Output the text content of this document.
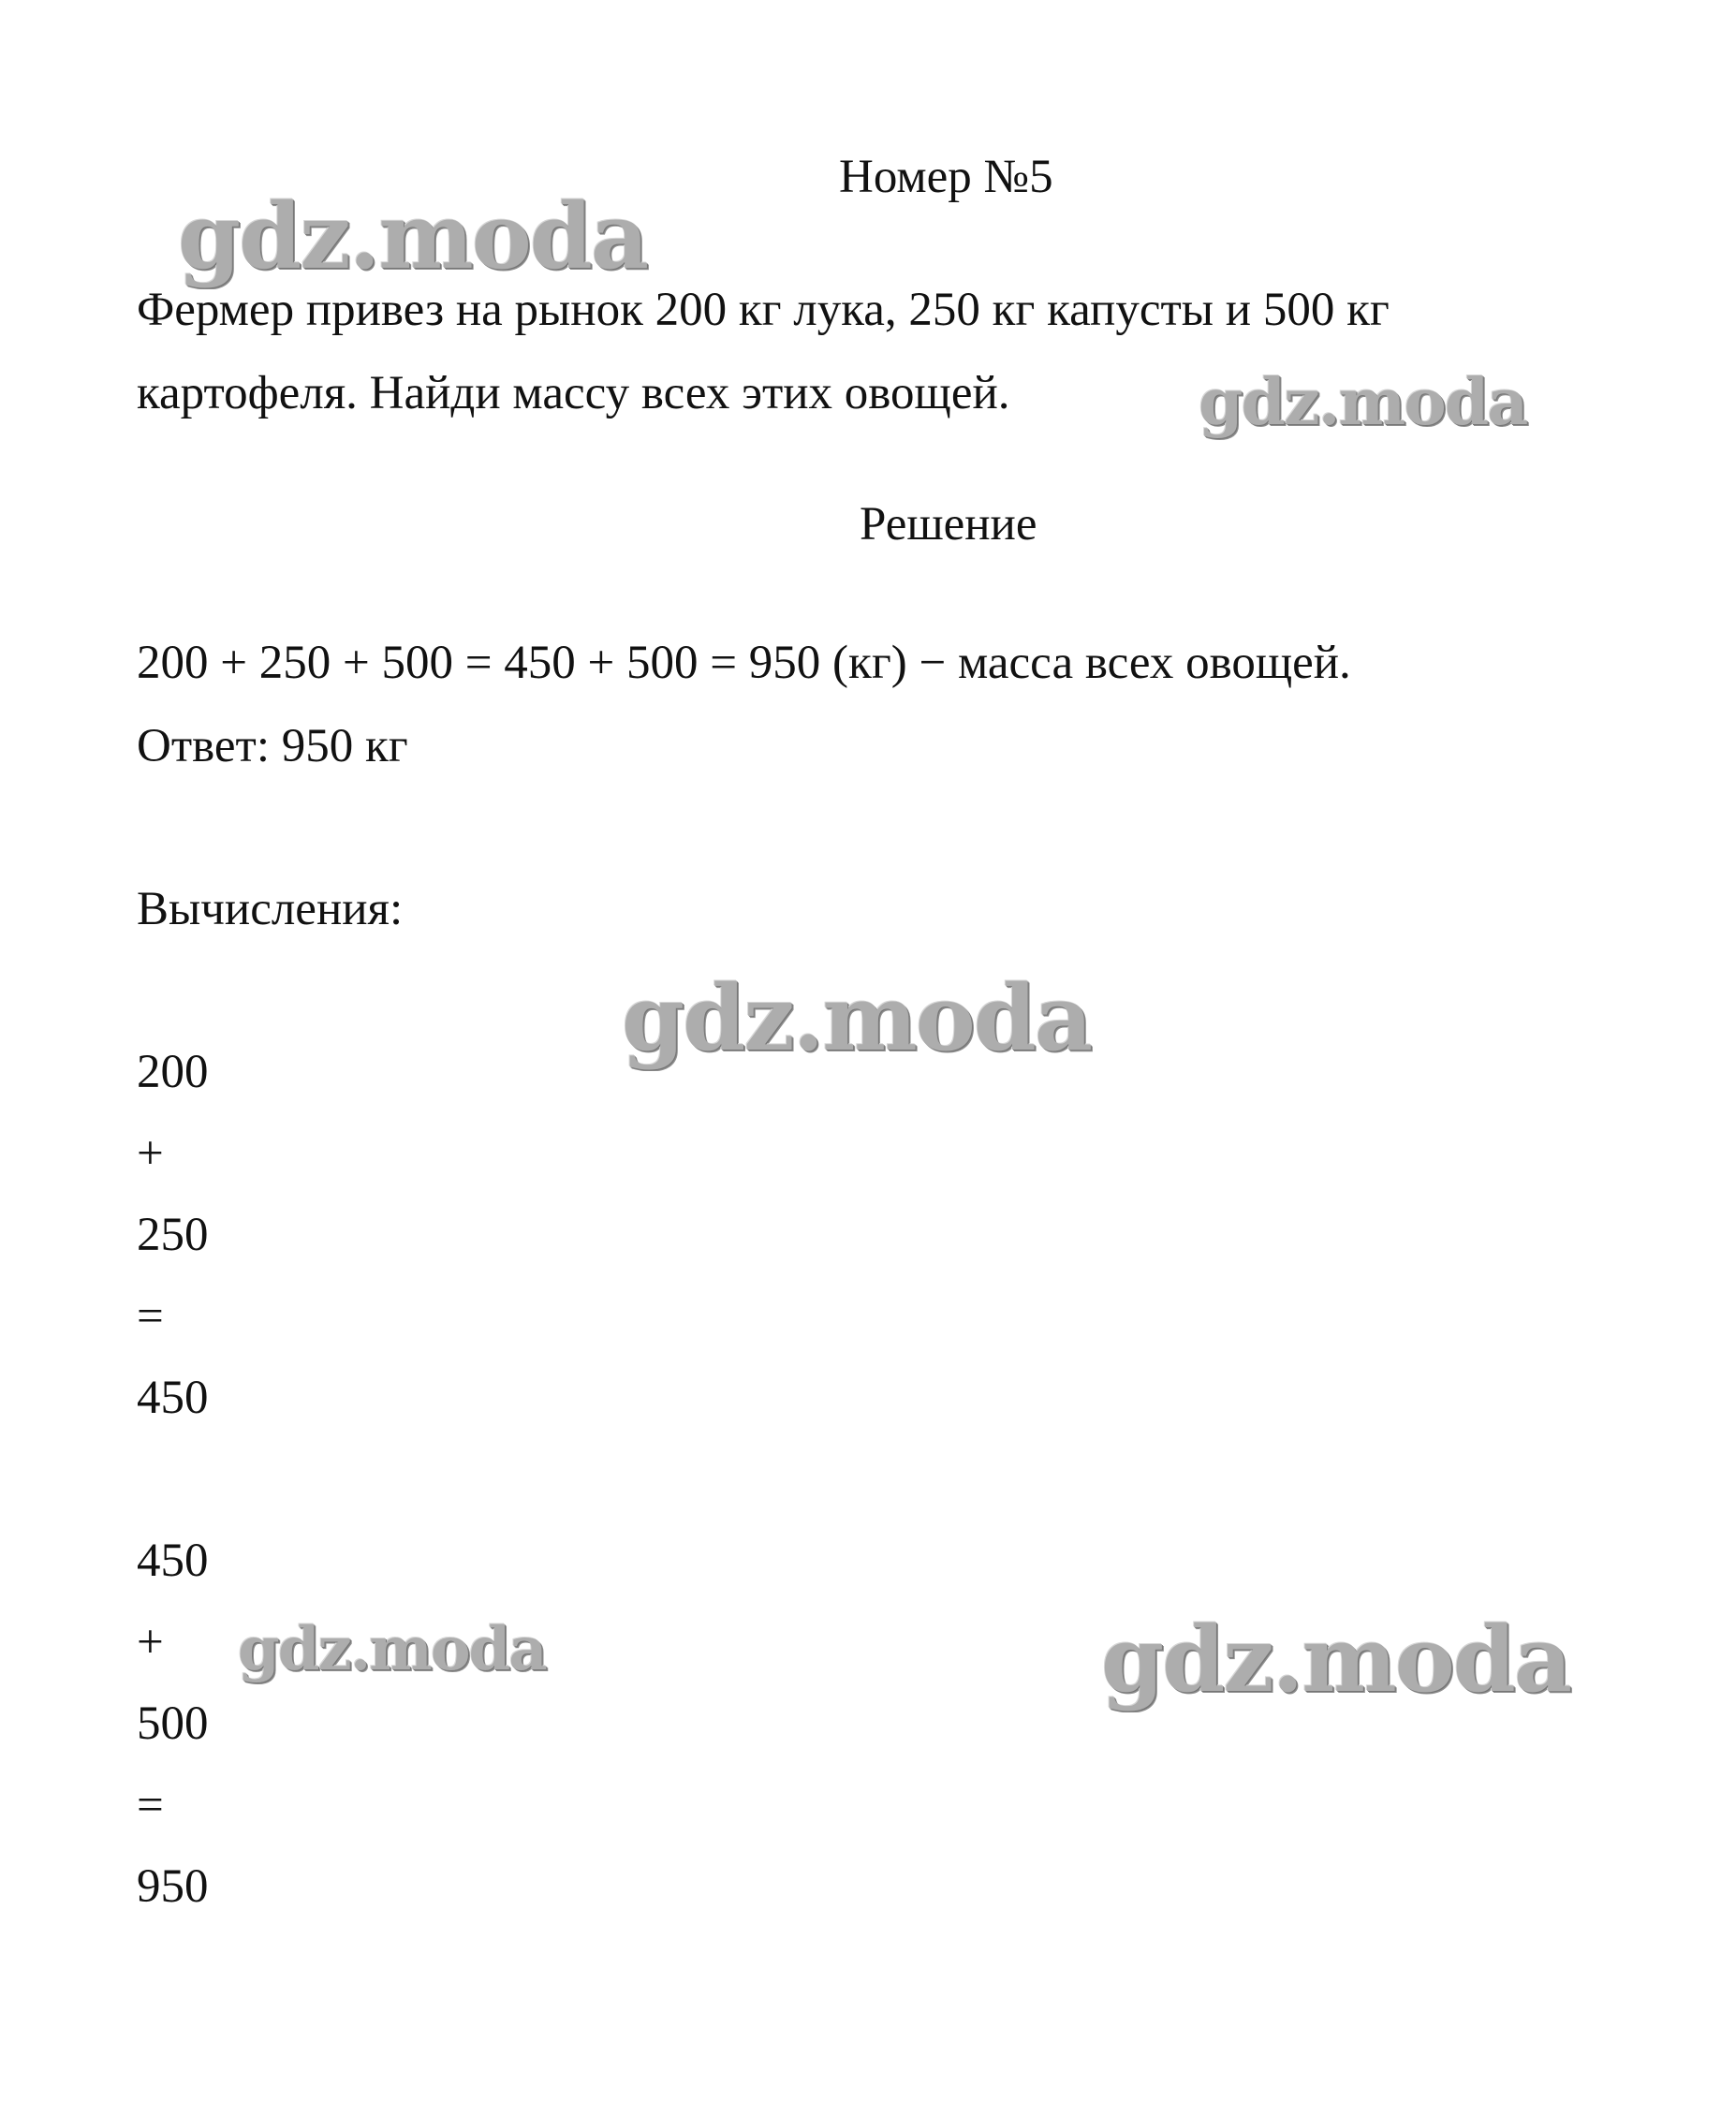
Номер №5
Фермер привез на рынок 200 кг лука, 250 кг капусты и 500 кг
картофеля. Найди массу всех этих овощей.
Решение
200 + 250 + 500 = 450 + 500 = 950 (кг) − масса всех овощей.
Ответ: 950 кг
Вычисления:
200
+
250
=
450
450
+
500
=
950
gdz.moda
gdz.moda
gdz.moda
gdz.moda	gdz.moda
